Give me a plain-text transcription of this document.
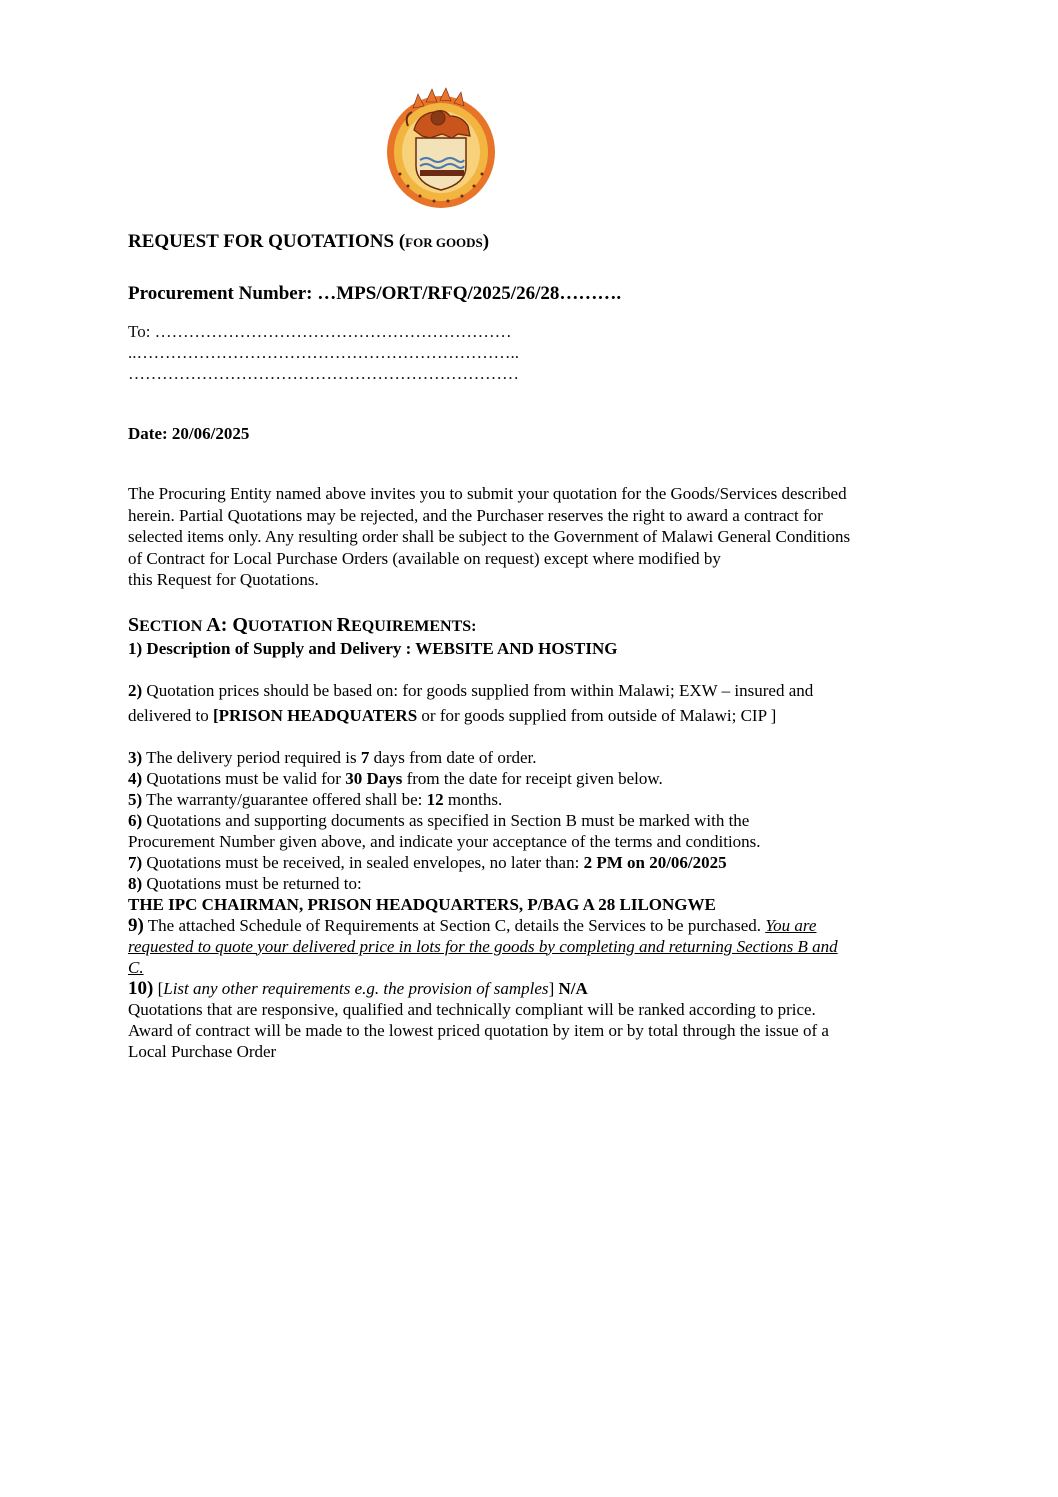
REQUEST FOR QUOTATIONS (FOR GOODS)
Procurement Number: …MPS/ORT/RFQ/2025/26/28……….
To: ………………………………………………………
..…………………………………………………………..
……………………………………………………………
Date: 20/06/2025
The Procuring Entity named above invites you to submit your quotation for the Goods/Services described
herein. Partial Quotations may be rejected, and the Purchaser reserves the right to award a contract for
selected items only. Any resulting order shall be subject to the Government of Malawi General Conditions
of Contract for Local Purchase Orders (available on request) except where modified by
this Request for Quotations.
SECTION A: QUOTATION REQUIREMENTS:
1) Description of Supply and Delivery : WEBSITE AND HOSTING
2) Quotation prices should be based on: for goods supplied from within Malawi; EXW – insured and
delivered to [PRISON HEADQUATERS or for goods supplied from outside of Malawi; CIP ]
3) The delivery period required is 7 days from date of order.
4) Quotations must be valid for 30 Days from the date for receipt given below.
5) The warranty/guarantee offered shall be: 12 months.
6) Quotations and supporting documents as specified in Section B must be marked with the
Procurement Number given above, and indicate your acceptance of the terms and conditions.
7) Quotations must be received, in sealed envelopes, no later than: 2 PM on 20/06/2025
8) Quotations must be returned to:
THE IPC CHAIRMAN, PRISON HEADQUARTERS, P/BAG A 28 LILONGWE
9) The attached Schedule of Requirements at Section C, details the Services to be purchased. You are
requested to quote your delivered price in lots for the goods by completing and returning Sections B and
C.
10) [List any other requirements e.g. the provision of samples] N/A
Quotations that are responsive, qualified and technically compliant will be ranked according to price.
Award of contract will be made to the lowest priced quotation by item or by total through the issue of a
Local Purchase Order
